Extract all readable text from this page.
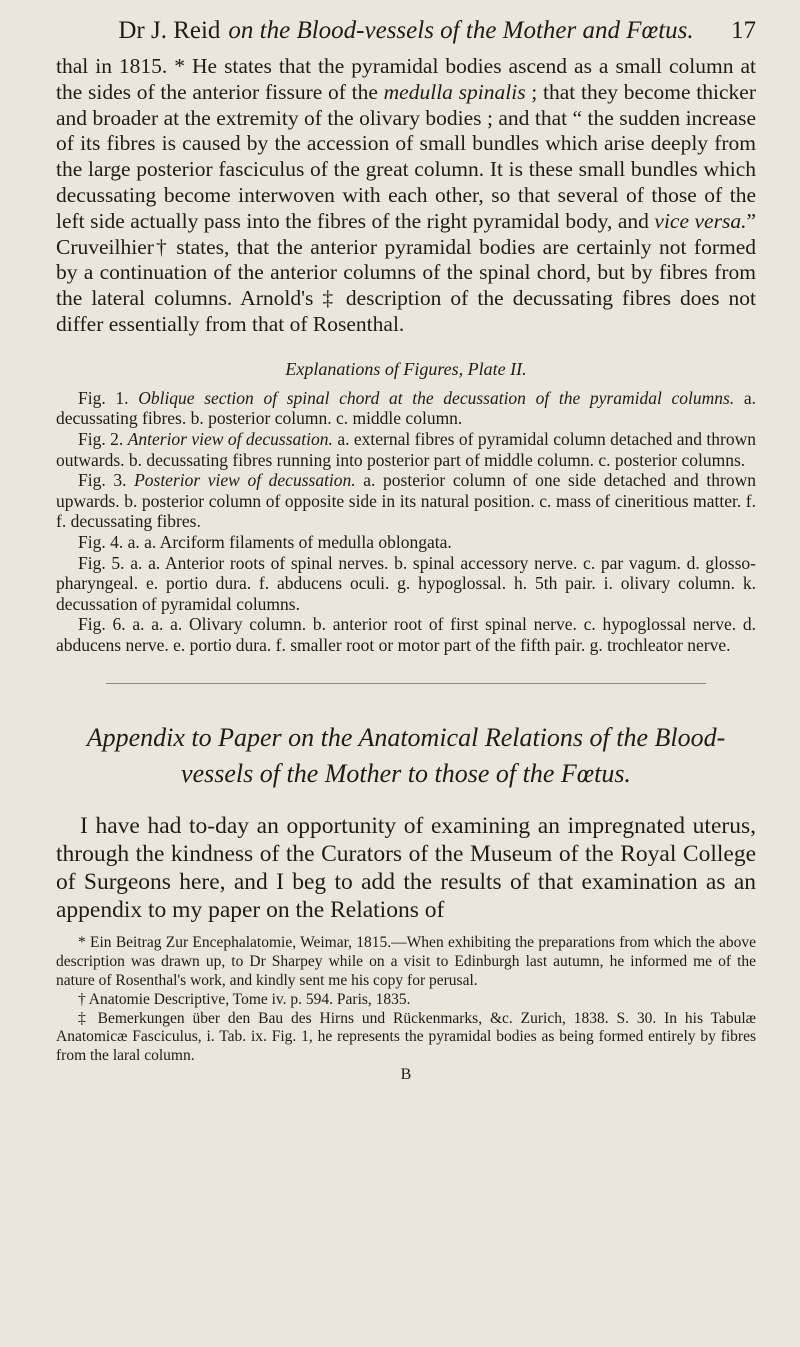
Dr J. Reid on the Blood-vessels of the Mother and Fœtus. 17

thal in 1815. * He states that the pyramidal bodies ascend as a small column at the sides of the anterior fissure of the medulla spinalis ; that they become thicker and broader at the extremity of the olivary bodies ; and that “ the sudden increase of its fibres is caused by the accession of small bundles which arise deeply from the large posterior fasciculus of the great column. It is these small bundles which decussating become interwoven with each other, so that several of those of the left side actually pass into the fibres of the right pyramidal body, and vice versa.” Cruveilhier† states, that the anterior pyramidal bodies are certainly not formed by a continuation of the anterior columns of the spinal chord, but by fibres from the lateral columns. Arnold's ‡ description of the decussating fibres does not differ essentially from that of Rosenthal.

Explanations of Figures, Plate II.

Fig. 1. Oblique section of spinal chord at the decussation of the pyramidal columns. a. decussating fibres. b. posterior column. c. middle column.

Fig. 2. Anterior view of decussation. a. external fibres of pyramidal column detached and thrown outwards. b. decussating fibres running into posterior part of middle column. c. posterior columns.

Fig. 3. Posterior view of decussation. a. posterior column of one side detached and thrown upwards. b. posterior column of opposite side in its natural position. c. mass of cineritious matter. f. f. decussating fibres.

Fig. 4. a. a. Arciform filaments of medulla oblongata.

Fig. 5. a. a. Anterior roots of spinal nerves. b. spinal accessory nerve. c. par vagum. d. glosso-pharyngeal. e. portio dura. f. abducens oculi. g. hypoglossal. h. 5th pair. i. olivary column. k. decussation of pyramidal columns.

Fig. 6. a. a. a. Olivary column. b. anterior root of first spinal nerve. c. hypoglossal nerve. d. abducens nerve. e. portio dura. f. smaller root or motor part of the fifth pair. g. trochleator nerve.

Appendix to Paper on the Anatomical Relations of the Blood-vessels of the Mother to those of the Fœtus.

I have had to-day an opportunity of examining an impregnated uterus, through the kindness of the Curators of the Museum of the Royal College of Surgeons here, and I beg to add the results of that examination as an appendix to my paper on the Relations of

* Ein Beitrag Zur Encephalatomie, Weimar, 1815.—When exhibiting the preparations from which the above description was drawn up, to Dr Sharpey while on a visit to Edinburgh last autumn, he informed me of the nature of Rosenthal's work, and kindly sent me his copy for perusal.

† Anatomie Descriptive, Tome iv. p. 594. Paris, 1835.

‡ Bemerkungen über den Bau des Hirns und Rückenmarks, &c. Zurich, 1838. S. 30. In his Tabulæ Anatomicæ Fasciculus, i. Tab. ix. Fig. 1, he represents the pyramidal bodies as being formed entirely by fibres from the laral column.

B
